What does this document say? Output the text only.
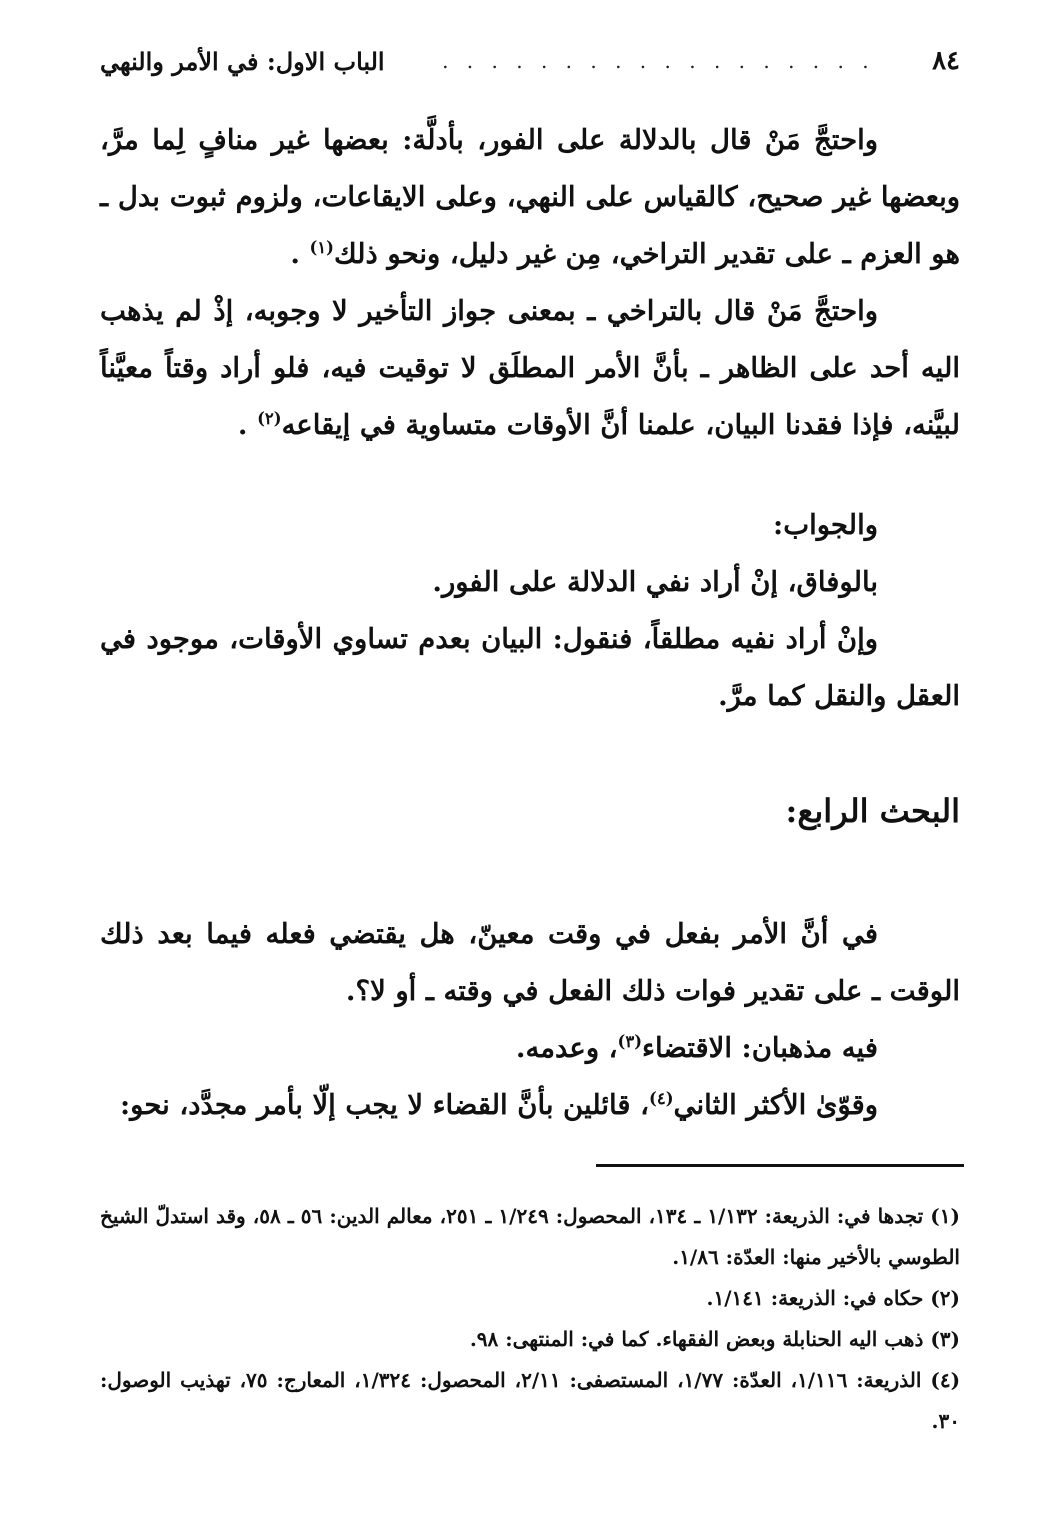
٨٤
. . . . . . . . . . . . . . . . . .
الباب الاول: في الأمر والنهي

واحتجَّ مَنْ قال بالدلالة على الفور، بأدلَّة: بعضها غير منافٍ لِما مرَّ، وبعضها غير صحيح، كالقياس على النهي، وعلى الايقاعات، ولزوم ثبوت بدل ـ هو العزم ـ على تقدير التراخي، مِن غير دليل، ونحو ذلك$^{(١)}$ .

واحتجَّ مَنْ قال بالتراخي ـ بمعنى جواز التأخير لا وجوبه، إذْ لم يذهب اليه أحد على الظاهر ـ بأنَّ الأمر المطلَق لا توقيت فيه، فلو أراد وقتاً معيَّناً لبيَّنه، فإذا فقدنا البيان، علمنا أنَّ الأوقات متساوية في إيقاعه$^{(٢)}$ .

والجواب:

بالوفاق، إنْ أراد نفي الدلالة على الفور.

وإنْ أراد نفيه مطلقاً، فنقول: البيان بعدم تساوي الأوقات، موجود في العقل والنقل كما مرَّ.

البحث الرابع:

في أنَّ الأمر بفعل في وقت معينّ، هل يقتضي فعله فيما بعد ذلك الوقت ـ على تقدير فوات ذلك الفعل في وقته ـ أو لا؟.

فيه مذهبان: الاقتضاء$^{(٣)}$، وعدمه.

وقوّىٰ الأكثر الثاني$^{(٤)}$، قائلين بأنَّ القضاء لا يجب إلّا بأمر مجدَّد، نحو:

(١) تجدها في: الذريعة: ١/١٣٢ ـ ١٣٤، المحصول: ١/٢٤٩ ـ ٢٥١، معالم الدين: ٥٦ ـ ٥٨، وقد استدلّ الشيخ الطوسي بالأخير منها: العدّة: ١/٨٦.

(٢) حكاه في: الذريعة: ١/١٤١.

(٣) ذهب اليه الحنابلة وبعض الفقهاء. كما في: المنتهى: ٩٨.

(٤) الذريعة: ١/١١٦، العدّة: ١/٧٧، المستصفى: ٢/١١، المحصول: ١/٣٢٤، المعارج: ٧٥، تهذيب الوصول: ٣٠.
